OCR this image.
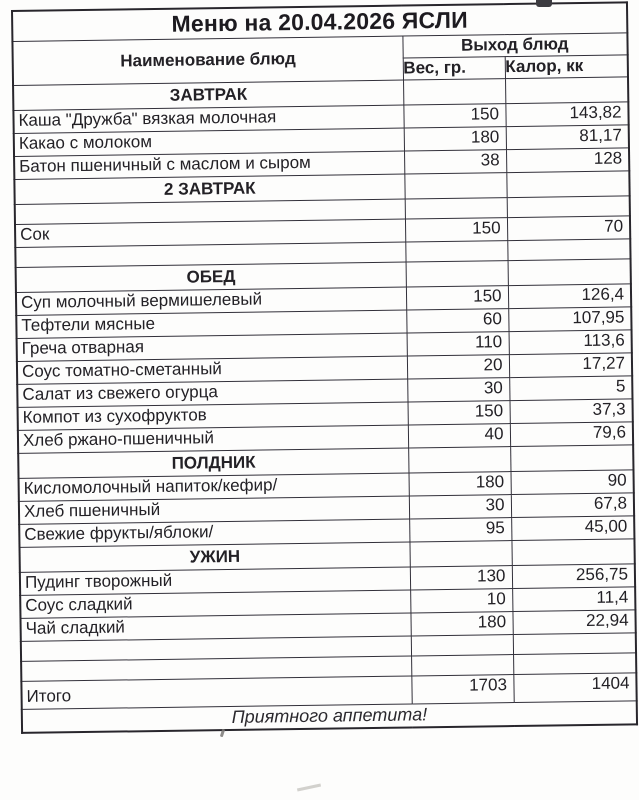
Меню на 20.04.2026 ЯСЛИ		
Наименование блюд	Выход блюд	
	Вес, гр.	Калор, кк
ЗАВТРАК		
Каша "Дружба" вязкая молочная	150	143,82
Какао с молоком	180	81,17
Батон пшеничный с маслом и сыром	38	128
2 ЗАВТРАК		

Сок	150	70

ОБЕД		
Суп молочный вермишелевый	150	126,4
Тефтели мясные	60	107,95
Греча отварная	110	113,6
Соус томатно-сметанный	20	17,27
Салат из свежего огурца	30	5
Компот из сухофруктов	150	37,3
Хлеб ржано-пшеничный	40	79,6
ПОЛДНИК		
Кисломолочный напиток/кефир/	180	90
Хлеб пшеничный	30	67,8
Свежие фрукты/яблоки/	95	45,00
УЖИН		
Пудинг творожный	130	256,75
Соус сладкий	10	11,4
Чай сладкий	180	22,94

Итого	1703	1404
Приятного аппетита!		
